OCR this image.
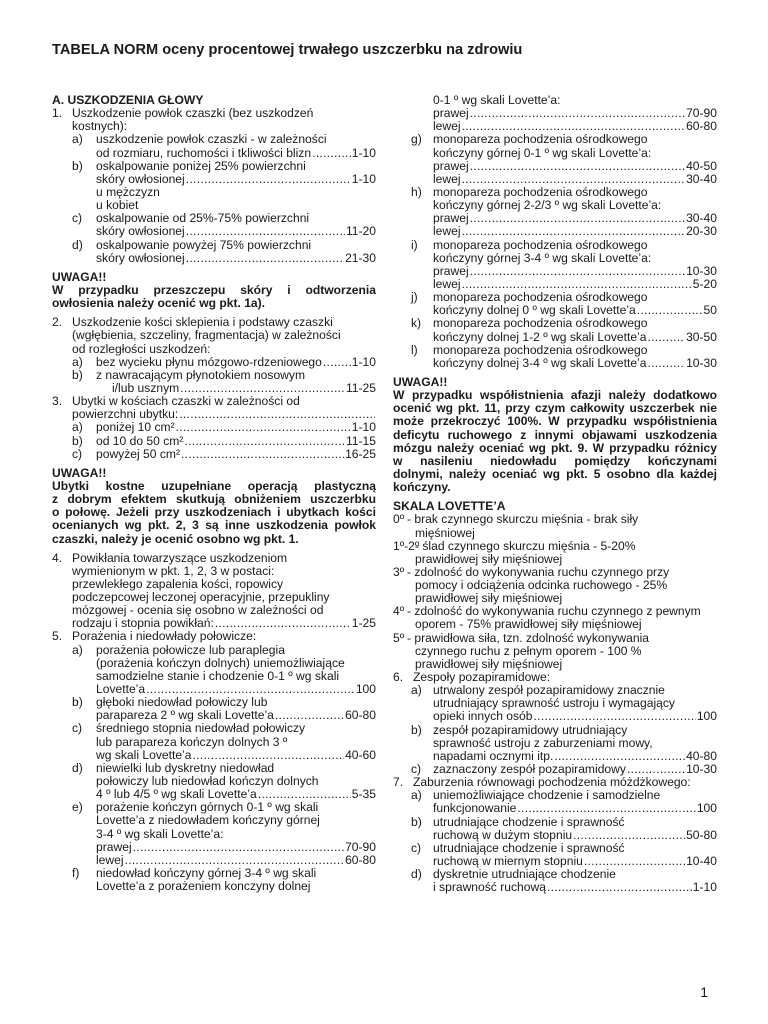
TABELA NORM oceny procentowej trwałego uszczerbku na zdrowiu
A. USZKODZENIA GŁOWY
1. Uszkodzenie powłok czaszki (bez uszkodzeń
kostnych):
a) uszkodzenie powłok czaszki - w zależności
od rozmiaru, ruchomości i tkliwości blizn .....	1-10
b) oskalpowanie poniżej 25% powierzchni
skóry owłosionej .....	1-10
u mężczyzn
u kobiet
c) oskalpowanie od 25%-75% powierzchni
skóry owłosionej .....	11-20
d) oskalpowanie powyżej 75% powierzchni
skóry owłosionej .....	21-30
UWAGA!!
W przypadku przeszczepu skóry i odtworzenia
owłosienia należy ocenić wg pkt. 1a).
2. Uszkodzenie kości sklepienia i podstawy czaszki
(wgłębienia, szczeliny, fragmentacja) w zależności
od rozległości uszkodzeń:
a) bez wycieku płynu mózgowo-rdzeniowego ..... 1-10
b) z nawracającym płynotokiem nosowym
i/lub usznym .....	11-25
3. Ubytki w kościach czaszki w zależności od
powierzchni ubytku:
.....
a) poniżej 10 cm² .....	1-10
b) od 10 do 50 cm² .....	11-15
c) powyżej 50 cm² .....	16-25
UWAGA!!
Ubytki kostne uzupełniane operacją plastyczną
z dobrym efektem skutkują obniżeniem uszczerbku
o połowę. Jeżeli przy uszkodzeniach i ubytkach kości
ocenianych wg pkt. 2, 3 są inne uszkodzenia powłok
czaszki, należy je ocenić osobno wg pkt. 1.
4. Powikłania towarzyszące uszkodzeniom
wymienionym w pkt. 1, 2, 3 w postaci:
przewlekłego zapalenia kości, ropowicy
podczepcowej leczonej operacyjnie, przepukliny
mózgowej - ocenia się osobno w zależności od
rodzaju i stopnia powikłań: .....	1-25
5. Porażenia i niedowłady połowicze:
a) porażenia połowicze lub paraplegia
(porażenia kończyn dolnych) uniemożliwiające
samodzielne stanie i chodzenie 0-1 º wg skali
Lovette’a .....	100
b) głęboki niedowład połowiczy lub
paraparezа 2 º wg skali Lovette’a .....	60-80
c) średniego stopnia niedowład połowiczy
lub paraparezа kończyn dolnych 3 º
wg skali Lovette’a .....	40-60
d) niewielki lub dyskretny niedowład
połowiczy lub niedowład kończyn dolnych
4 º lub 4/5 º wg skali Lovette’a .....	5-35
e) porażenie kończyn górnych 0-1 º wg skali
Lovette’a z niedowładem kończyny górnej
3-4 º wg skali Lovette’a:
prawej .....	70-90
lewej .....	60-80
f) niedowład kończyny górnej 3-4 º wg skali
Lovette’a z porażeniem konczyny dolnej
0-1 º wg skali Lovette’a:
prawej .....	70-90
lewej .....	60-80
g) monopareza pochodzenia ośrodkowego
kończyny górnej 0-1 º wg skali Lovette’a:
prawej .....	40-50
lewej .....	30-40
h) monopareza pochodzenia ośrodkowego
kończyny górnej 2-2/3 º wg skali Lovette’a:
prawej .....	30-40
lewej .....	20-30
i) monopareza pochodzenia ośrodkowego
kończyny górnej 3-4 º wg skali Lovette’a:
prawej .....	10-30
lewej .....	5-20
j) monopareza pochodzenia ośrodkowego
kończyny dolnej 0 º wg skali Lovette’a .....	50
k) monopareza pochodzenia ośrodkowego
kończyny dolnej 1-2 º wg skali Lovette’a .....	30-50
l) monopareza pochodzenia ośrodkowego
kończyny dolnej 3-4 º wg skali Lovette’a .....	10-30
UWAGA!!
W przypadku współistnienia afazji należy dodatkowo
ocenić wg pkt. 11, przy czym całkowity uszczerbek nie
może przekroczyć 100%. W przypadku współistnienia
deficytu ruchowego z innymi objawami uszkodzenia
mózgu należy oceniać wg pkt. 9. W przypadku różnicy
w nasileniu niedowładu pomiędzy kończynami
dolnymi, należy oceniać wg pkt. 5 osobno dla każdej
kończyny.
SKALA LOVETTE’A
0º - brak czynnego skurczu mięśnia - brak siły
mięśniowej
1º-2º
- ślad czynnego skurczu mięśnia - 5-20%
prawidłowej siły mięśniowej
3º - zdolność do wykonywania ruchu czynnego przy
pomocy i odciążenia odcinka ruchowego - 25%
prawidłowej siły mięśniowej
4º - zdolność do wykonywania ruchu czynnego z pewnym
oporem - 75% prawidłowej siły mięśniowej
5º - prawidłowa siła, tzn. zdolność wykonywania
czynnego ruchu z pełnym oporem - 100 %
prawidłowej siły mięśniowej
6. Zespoły pozapiramidowe:
a) utrwalony zespół pozapiramidowy znacznie
utrudniający sprawność ustroju i wymagający
opieki innych osób .....	100
b) zespół pozapiramidowy utrudniający
sprawność ustroju z zaburzeniami mowy,
napadami ocznymi itp. .....	40-80
c) zaznaczony zespół pozapiramidowy .....	10-30
7. Zaburzenia równowagi pochodzenia móżdżkowego:
a) uniemożliwiające chodzenie i samodzielne
funkcjonowanie .....	100
b) utrudniające chodzenie i sprawność
ruchową w dużym stopniu .....	50-80
c) utrudniające chodzenie i sprawność
ruchową w miernym stopniu .....	10-40
d) dyskretnie utrudniające chodzenie
i sprawność ruchową .....	1-10
1
